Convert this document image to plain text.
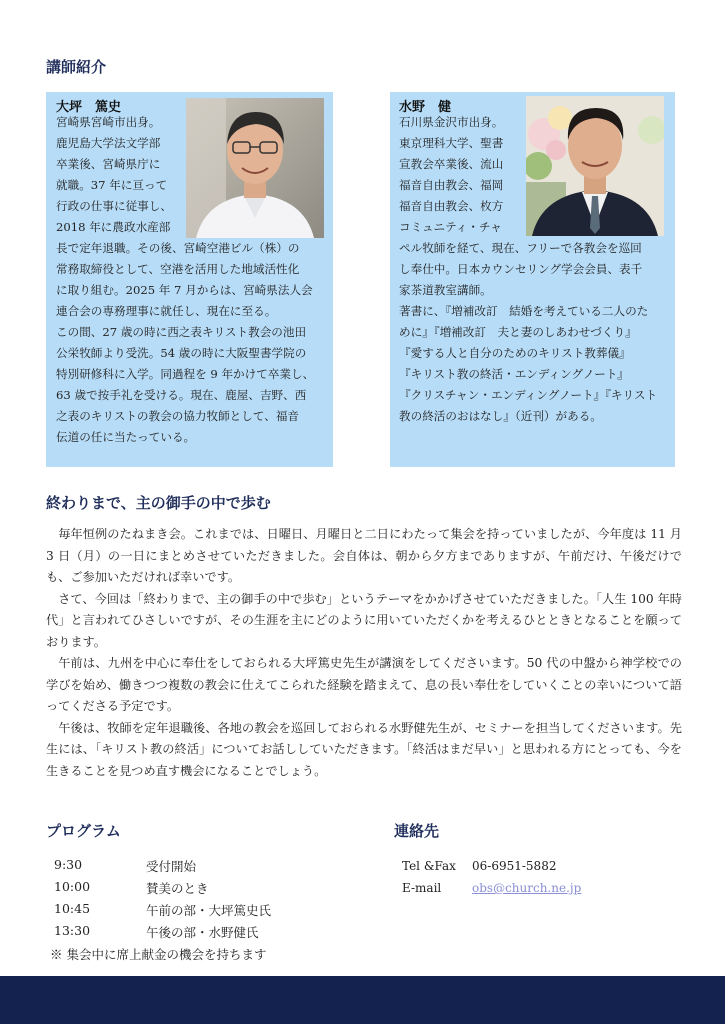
講師紹介
大坪　篤史
宮崎県宮崎市出身。
鹿児島大学法文学部
卒業後、宮崎県庁に
就職。37 年に亘って
行政の仕事に従事し、
2018 年に農政水産部
長で定年退職。その後、宮崎空港ビル（株）の
常務取締役として、空港を活用した地域活性化
に取り組む。2025 年 7 月からは、宮崎県法人会
連合会の専務理事に就任し、現在に至る。
この間、27 歳の時に西之表キリスト教会の池田
公栄牧師より受洗。54 歳の時に大阪聖書学院の
特別研修科に入学。同過程を 9 年かけて卒業し、
63 歳で按手礼を受ける。現在、鹿屋、吉野、西
之表のキリストの教会の協力牧師として、福音
伝道の任に当たっている。
水野　健
石川県金沢市出身。
東京理科大学、聖書
宣教会卒業後、流山
福音自由教会、福岡
福音自由教会、枚方
コミュニティ・チャ
ペル牧師を経て、現在、フリーで各教会を巡回
し奉仕中。日本カウンセリング学会会員、表千
家茶道教室講師。
著書に、『増補改訂　結婚を考えている二人のた
めに』『増補改訂　夫と妻のしあわせづくり』
『愛する人と自分のためのキリスト教葬儀』
『キリスト教の終活・エンディングノート』
『クリスチャン・エンディングノート』『キリスト
教の終活のおはなし』（近刊）がある。
終わりまで、主の御手の中で歩む

毎年恒例のたねまき会。これまでは、日曜日、月曜日と二日にわたって集会を持っていましたが、今年度は 11 月 3 日（月）の一日にまとめさせていただきました。会自体は、朝から夕方までありますが、午前だけ、午後だけでも、ご参加いただければ幸いです。

さて、今回は「終わりまで、主の御手の中で歩む」というテーマをかかげさせていただきました。「人生 100 年時代」と言われてひさしいですが、その生涯を主にどのように用いていただくかを考えるひとときとなることを願っております。

午前は、九州を中心に奉仕をしておられる大坪篤史先生が講演をしてくださいます。50 代の中盤から神学校での学びを始め、働きつつ複数の教会に仕えてこられた経験を踏まえて、息の長い奉仕をしていくことの幸いについて語ってくださる予定です。

午後は、牧師を定年退職後、各地の教会を巡回しておられる水野健先生が、セミナーを担当してくださいます。先生には、「キリスト教の終活」についてお話ししていただきます。「終活はまだ早い」と思われる方にとっても、今を生きることを見つめ直す機会になることでしょう。

プログラム
9:30	受付開始
10:00	賛美のとき
10:45	午前の部・大坪篤史氏
13:30	午後の部・水野健氏
※ 集会中に席上献金の機会を持ちます
連絡先
Tel &Fax 06-6951-5882
E-mail	obs@church.ne.jp
